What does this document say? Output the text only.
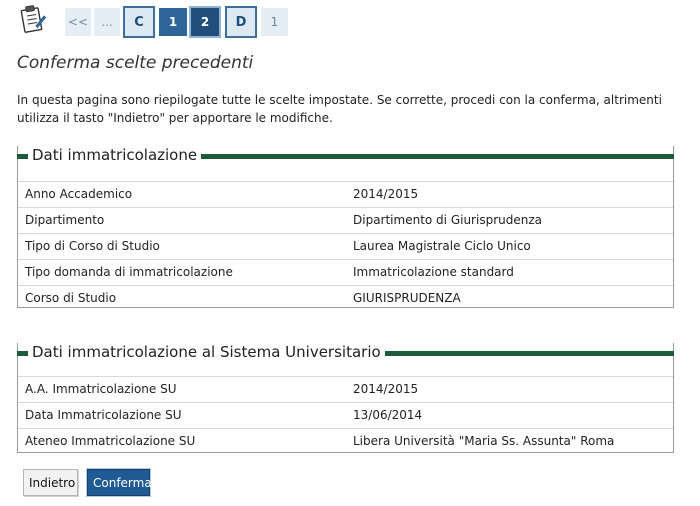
<<	...	C	1	2	D	1
Conferma scelte precedenti

In questa pagina sono riepilogate tutte le scelte impostate. Se corrette, procedi con la conferma, altrimenti utilizza il tasto "Indietro" per apportare le modifiche.

Dati immatricolazione
Anno Accademico	2014/2015
Dipartimento	Dipartimento di Giurisprudenza
Tipo di Corso di Studio	Laurea Magistrale Ciclo Unico
Tipo domanda di immatricolazione	Immatricolazione standard
Corso di Studio	GIURISPRUDENZA
Dati immatricolazione al Sistema Universitario
A.A. Immatricolazione SU	2014/2015
Data Immatricolazione SU	13/06/2014
Ateneo Immatricolazione SU	Libera Università "Maria Ss. Assunta" Roma
Indietro	Conferma
